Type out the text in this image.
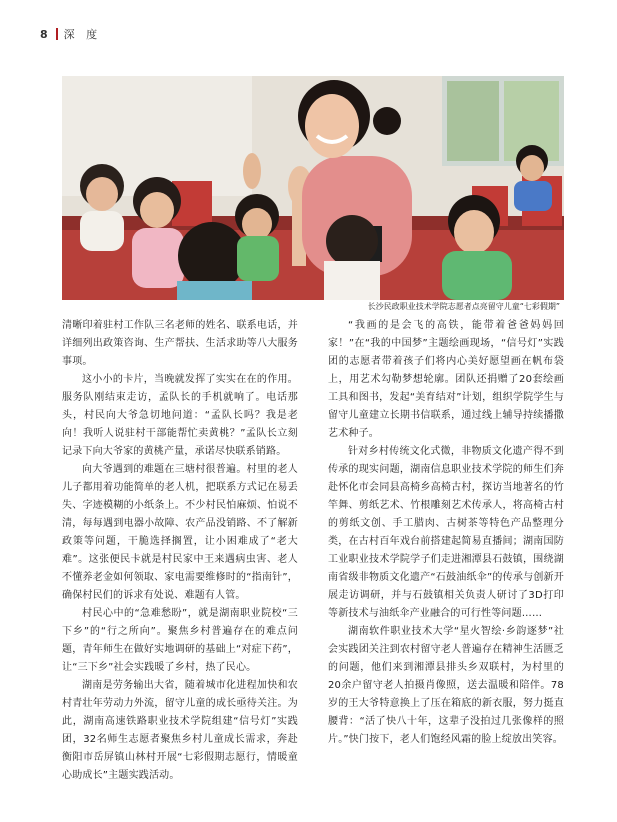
8 深 度
长沙民政职业技术学院志愿者点亮留守儿童“七彩假期”

清晰印着驻村工作队三名老师的姓名、联系电话，并详细列出政策咨询、生产帮扶、生活求助等八大服务事项。

这小小的卡片，当晚就发挥了实实在在的作用。服务队刚结束走访，孟队长的手机就响了。电话那头，村民向大爷急切地问道：“孟队长吗？我是老向！我听人说驻村干部能帮忙卖黄桃？”孟队长立刻记录下向大爷家的黄桃产量，承诺尽快联系销路。

向大爷遇到的难题在三塘村很普遍。村里的老人儿子都用着功能简单的老人机，把联系方式记在易丢失、字迹模糊的小纸条上。不少村民怕麻烦、怕说不清，每每遇到电器小故障、农产品没销路、不了解新政策等问题，干脆选择搁置，让小困难成了“老大难”。这张便民卡就是村民家中王来遇病虫害、老人不懂养老金如何领取、家电需要维修时的“指南针”，确保村民们的诉求有处说、难题有人管。

村民心中的“急难愁盼”，就是湖南职业院校“三下乡”的“行之所向”。聚焦乡村普遍存在的难点问题，青年师生在做好实地调研的基础上“对症下药”，让“三下乡”社会实践暖了乡村，热了民心。

湖南是劳务输出大省，随着城市化进程加快和农村青壮年劳动力外流，留守儿童的成长亟待关注。为此，湖南高速铁路职业技术学院组建“信号灯”实践团，32名师生志愿者聚焦乡村儿童成长需求，奔赴衡阳市岳屏镇山林村开展“七彩假期志愿行，情暖童心助成长”主题实践活动。

“我画的是会飞的高铁，能带着爸爸妈妈回家！”在“我的中国梦”主题绘画现场，“信号灯”实践团的志愿者带着孩子们将内心美好愿望画在帆布袋上，用艺术勾勒梦想轮廓。团队还捐赠了20套绘画工具和图书，发起“美育结对”计划，组织学院学生与留守儿童建立长期书信联系，通过线上辅导持续播撒艺术种子。

针对乡村传统文化式微，非物质文化遗产得不到传承的现实问题，湖南信息职业技术学院的师生们奔赴怀化市会同县高椅乡高椅古村，探访当地著名的竹竿舞、剪纸艺术、竹根雕刻艺术传承人，将高椅古村的剪纸文创、手工腊肉、古树茶等特色产品整理分类，在古村百年戏台前搭建起简易直播间；湖南国防工业职业技术学院学子们走进湘潭县石鼓镇，围绕湖南省级非物质文化遗产“石鼓油纸伞”的传承与创新开展走访调研，并与石鼓镇相关负责人研讨了3D打印等新技术与油纸伞产业融合的可行性等问题……

湖南软件职业技术大学“星火智绘·乡韵逐梦”社会实践团关注到农村留守老人普遍存在精神生活匮乏的问题，他们来到湘潭县排头乡双联村，为村里的20余户留守老人拍摄肖像照，送去温暖和陪伴。78岁的王大爷特意换上了压在箱底的新衣服，努力挺直腰背：“活了快八十年，这辈子没拍过几张像样的照片。”快门按下，老人们饱经风霜的脸上绽放出笑容。
